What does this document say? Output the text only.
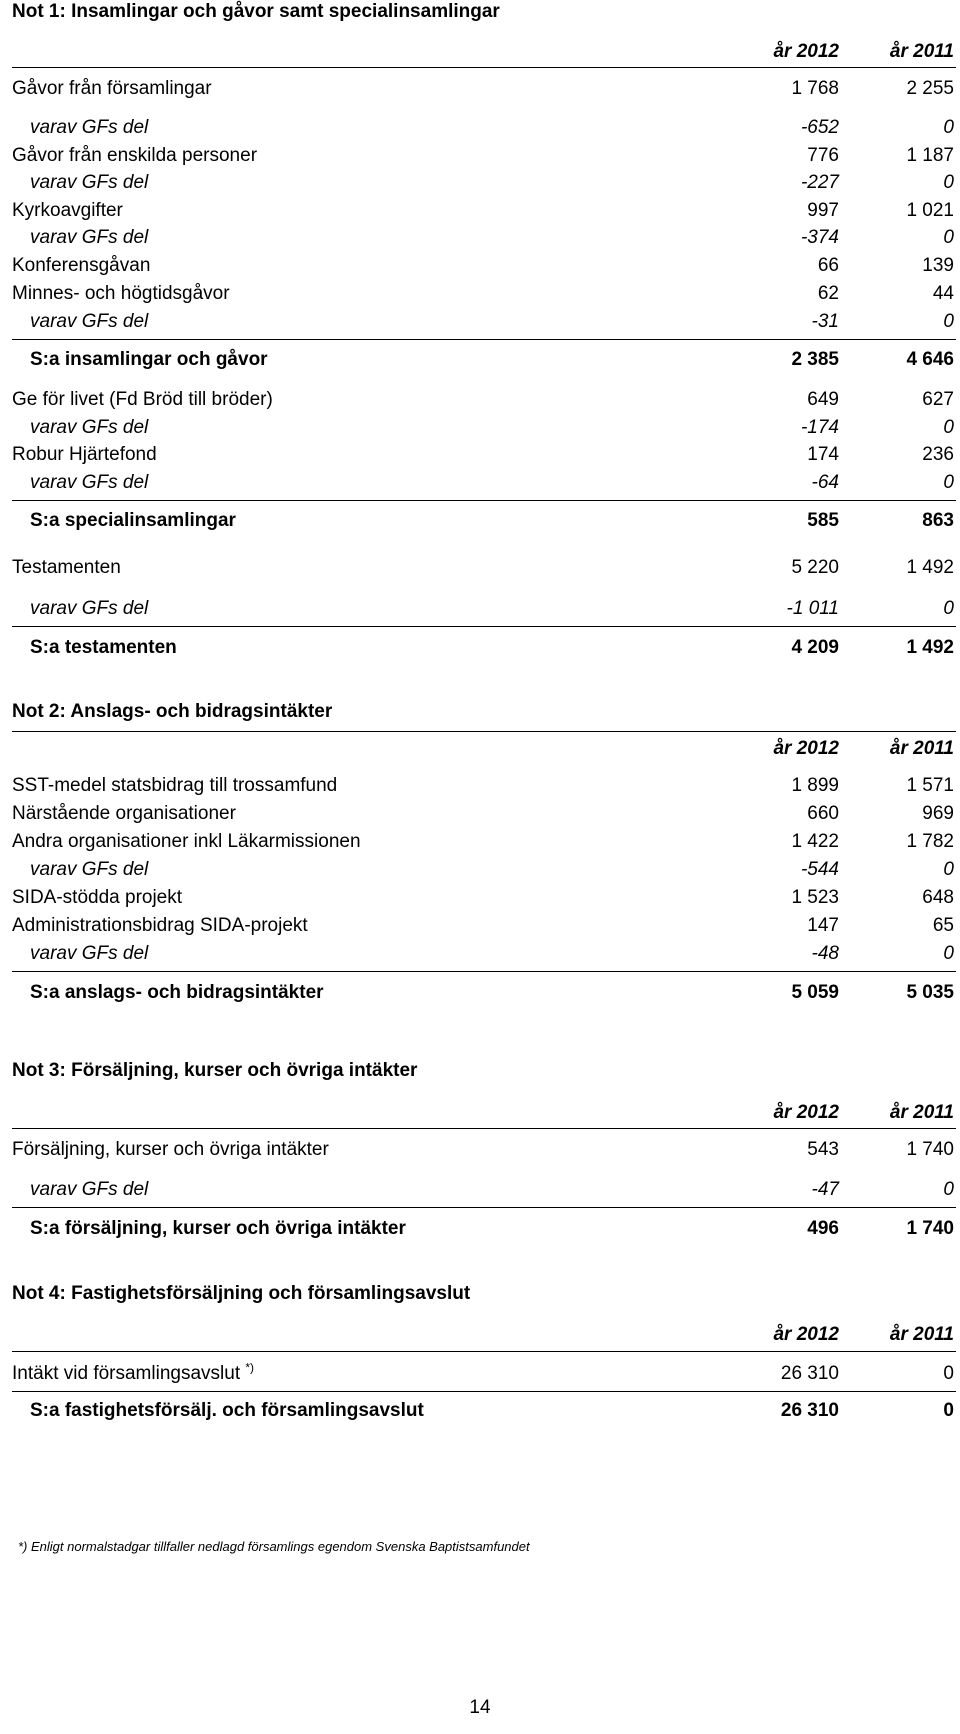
Not 1: Insamlingar och gåvor samt specialinsamlingar
år 2012	år 2011
Gåvor från församlingar	1 768	2 255
varav GFs del	-652	0
Gåvor från enskilda personer	776	1 187
varav GFs del	-227	0
Kyrkoavgifter	997	1 021
varav GFs del	-374	0
Konferensgåvan	66	139
Minnes- och högtidsgåvor	62	44
varav GFs del	-31	0
S:a insamlingar och gåvor	2 385	4 646
Ge för livet (Fd Bröd till bröder)	649	627
varav GFs del	-174	0
Robur Hjärtefond	174	236
varav GFs del	-64	0
S:a specialinsamlingar	585	863
Testamenten	5 220	1 492
varav GFs del	-1 011	0
S:a testamenten	4 209	1 492
Not 2: Anslags- och bidragsintäkter
år 2012	år 2011
SST-medel statsbidrag till trossamfund	1 899	1 571
Närstående organisationer	660	969
Andra organisationer inkl Läkarmissionen	1 422	1 782
varav GFs del	-544	0
SIDA-stödda projekt	1 523	648
Administrationsbidrag SIDA-projekt	147	65
varav GFs del	-48	0
S:a anslags- och bidragsintäkter	5 059	5 035
Not 3: Försäljning, kurser och övriga intäkter
år 2012	år 2011
Försäljning, kurser och övriga intäkter	543	1 740
varav GFs del	-47	0
S:a försäljning, kurser och övriga intäkter	496	1 740
Not 4: Fastighetsförsäljning och församlingsavslut
år 2012	år 2011
Intäkt vid församlingsavslut *)	26 310	0
S:a fastighetsförsälj. och församlingsavslut	26 310	0
*) Enligt normalstadgar tillfaller nedlagd församlings egendom Svenska Baptistsamfundet
14
